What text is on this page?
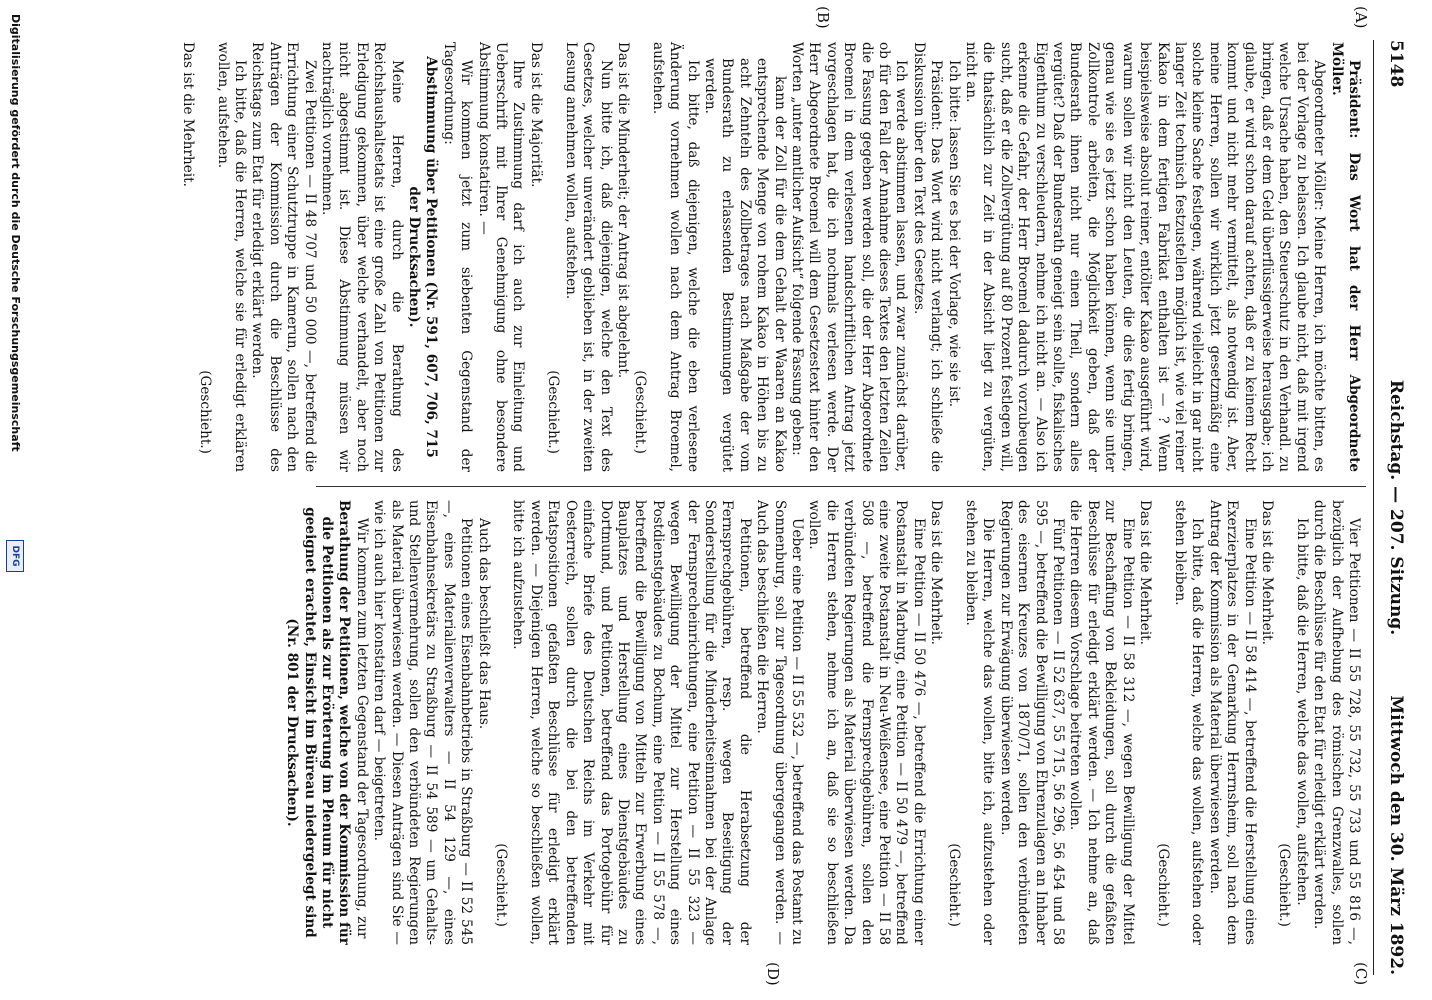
5148
Reichstag. — 207. Sitzung.
Mittwoch den 30. März 1892.
(A)
(B)
(C)
(D)

Präsident: Das Wort hat der Herr Abgeordnete Möller.

Abgeordneter Möller: Meine Herren, ich möchte bitten, es bei der Vorlage zu belassen. Ich glaube nicht, daß mit irgend welche Ursache haben, den Steuerschutz in den Verhandl. zu bringen, daß er dem Geld überflüssigerweise herausgabe; ich glaube, er wird schon darauf achten, daß er zu keinem Recht kommt und nicht mehr vermittelt, als notwendig ist. Aber, meine Herren, sollen wir wirklich jetzt gesetzmäßig eine solche kleine Sache festlegen, während vielleicht in gar nicht langer Zeit technisch festzustellen möglich ist, wie viel reiner Kakao in dem fertigen Fabrikat enthalten ist — ? Wenn beispielsweise absolut reiner, entölter Kakao ausgeführt wird, warum sollen wir nicht den Leuten, die dies fertig bringen, genau wie sie es jetzt schon haben können, wenn sie unter Zollkontrole arbeiten, die Möglichkeit geben, daß der Bundesrath ihnen nicht nur einen Theil, sondern alles vergütet? Daß der Bundesrath geneigt sein sollte, fiskalisches Eigenthum zu verschleudern, nehme ich nicht an. — Also ich erkenne die Gefahr, der Herr Broemel dadurch vorzubeugen sucht, daß er die Zollvergütung auf 80 Prozent festlegen will, die thatsächlich zur Zeit in der Absicht liegt zu vergüten, nicht an.

Ich bitte: lassen Sie es bei der Vorlage, wie sie ist.

Präsident: Das Wort wird nicht verlangt; ich schließe die Diskussion über den Text des Gesetzes.

Ich werde abstimmen lassen, und zwar zunächst darüber, ob für den Fall der Annahme dieses Textes den letzten Zeilen die Fassung gegeben werden soll, die der Herr Abgeordnete Broemel in dem verlesenen handschriftlichen Antrag jetzt vorgeschlagen hat, die ich nochmals verlesen werde. Der Herr Abgeordnete Broemel will dem Gesetzestext hinter den Worten „unter amtlicher Aufsicht“ folgende Fassung geben:

kann der Zoll für die dem Gehalt der Waaren an Kakao entsprechende Menge von rohem Kakao in Höhen bis zu acht Zehnteln des Zollbetrages nach Maßgabe der vom Bundesrath zu erlassenden Bestimmungen vergütet werden.

Ich bitte, daß diejenigen, welche die eben verlesene Änderung vornehmen wollen nach dem Antrag Broemel, aufstehen.

(Geschieht.)

Das ist die Minderheit; der Antrag ist abgelehnt.

Nun bitte ich, daß diejenigen, welche den Text des Gesetzes, welcher unverändert geblieben ist, in der zweiten Lesung annehmen wollen, aufstehen.

(Geschieht.)

Das ist die Majorität.

Ihre Zustimmung darf ich auch zur Einleitung und Ueberschrift mit Ihrer Genehmigung ohne besondere Abstimmung konstatiren. —

Wir kommen jetzt zum siebenten Gegenstand der Tagesordnung:

Abstimmung über Petitionen (Nr. 591, 607, 706, 715 der Drucksachen).

Meine Herren, durch die Berathung des Reichshaushaltsetats ist eine große Zahl von Petitionen zur Erledigung gekommen, über welche verhandelt, aber noch nicht abgestimmt ist. Diese Abstimmung müssen wir nachträglich vornehmen.

Zwei Petitionen — II 48 707 und 50 000 —, betreffend die Errichtung einer Schutztruppe in Kamerun, sollen nach den Anträgen der Kommission durch die Beschlüsse des Reichstags zum Etat für erledigt erklärt werden.

Ich bitte, daß die Herren, welche sie für erledigt erklären wollen, aufstehen.

(Geschieht.)

Das ist die Mehrheit.

Vier Petitionen — II 55 728, 55 732, 55 733 und 55 816 —, bezüglich der Aufhebung des römischen Grenzwalles, sollen durch die Beschlüsse für den Etat für erledigt erklärt werden.

Ich bitte, daß die Herren, welche das wollen, aufstehen.

(Geschieht.)

Das ist die Mehrheit.

Eine Petition — II 58 414 —, betreffend die Herstellung eines Exerzierplatzes in der Gemarkung Herrnsheim, soll nach dem Antrag der Kommission als Material überwiesen werden.

Ich bitte, daß die Herren, welche das wollen, aufstehen oder stehen bleiben.

(Geschieht.)

Das ist die Mehrheit.

Eine Petition — II 58 312 —, wegen Bewilligung der Mittel zur Beschaffung von Bekleidungen, soll durch die gefaßten Beschlüsse für erledigt erklärt werden. — Ich nehme an, daß die Herren diesem Vorschlage beitreten wollen.

Fünf Petitionen — II 52 637, 55 715, 56 296, 56 454 und 58 595 —, betreffend die Bewilligung von Ehrenzulagen an Inhaber des eisernen Kreuzes von 1870/71, sollen den verbündeten Regierungen zur Erwägung überwiesen werden.

Die Herren, welche das wollen, bitte ich, aufzustehen oder stehen zu bleiben.

(Geschieht.)

Das ist die Mehrheit.

Eine Petition — II 50 476 —, betreffend die Errichtung einer Postanstalt in Marburg, eine Petition — II 50 479 —, betreffend eine zweite Postanstalt in Neu-Weißensee, eine Petition — II 58 508 —, betreffend die Fernsprechgebühren, sollen den verbündeten Regierungen als Material überwiesen werden. Da die Herren stehen, nehme ich an, daß sie so beschließen wollen.

Ueber eine Petition — II 55 532 —, betreffend das Postamt zu Sonnenburg, soll zur Tagesordnung übergegangen werden. — Auch das beschließen die Herren.

Petitionen, betreffend die Herabsetzung der Fernsprechgebühren, resp. wegen Beseitigung der Sonderstellung für die Minderheitseinnahmen bei der Anlage der Fernsprecheinrichtungen, eine Petition — II 55 323 — wegen Bewilligung der Mittel zur Herstellung eines Postdienstgebäudes zu Bochum, eine Petition — II 55 578 —, betreffend die Bewilligung von Mitteln zur Erwerbung eines Bauplatzes und Herstellung eines Dienstgebäudes zu Dortmund, und Petitionen, betreffend das Portogebühr für einfache Briefe des Deutschen Reichs im Verkehr mit Oesterreich, sollen durch die bei den betreffenden Etatspositionen gefaßten Beschlüsse für erledigt erklärt werden. — Diejenigen Herren, welche so beschließen wollen, bitte ich aufzustehen.

(Geschieht.)

Auch das beschließt das Haus.

Petitionen eines Eisenbahnbetriebs in Straßburg — II 52 545 —, eines Materialienverwalters — II 54 129 —, eines Eisenbahnsekretärs zu Straßburg — II 54 589 — um Gehalts- und Stellenvermehrung, sollen den verbündeten Regierungen als Material überwiesen werden. — Diesen Anträgen sind Sie — wie ich auch hier konstatiren darf — beigetreten.

Wir kommen zum letzten Gegenstand der Tagesordnung, zur

Berathung der Petitionen, welche von der Kommission für die Petitionen als zur Erörterung im Plenum für nicht geeignet erachtet, Einsicht im Büreau niedergelegt sind (Nr. 801 der Drucksachen).

Digitalisierung gefördert durch die Deutsche Forschungsgemeinschaft
DFG
